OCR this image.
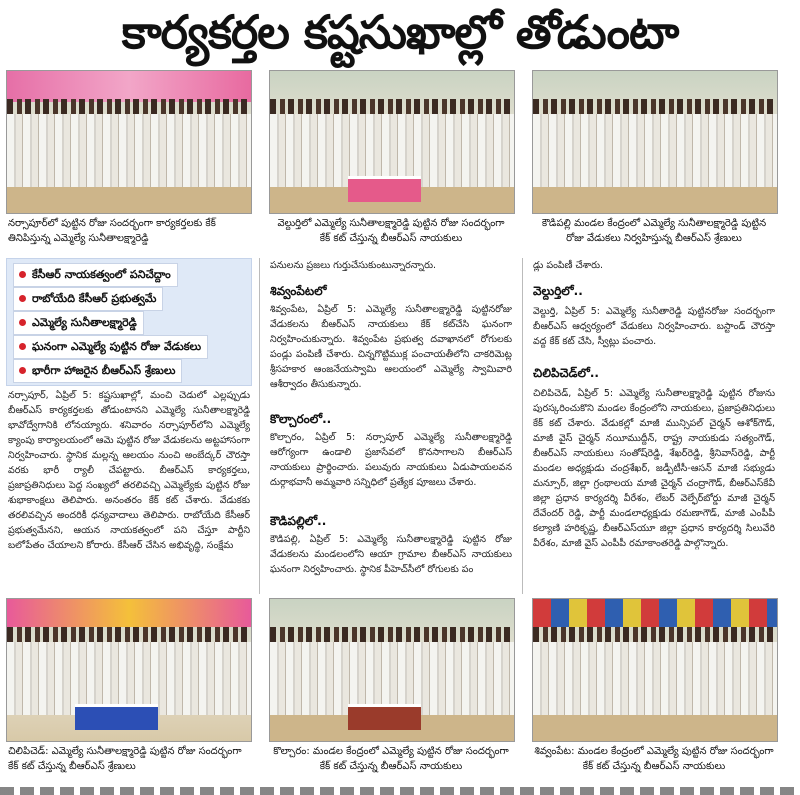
కార్యకర్తల కష్టసుఖాల్లో తోడుంటా
నర్సాపూర్‌లో పుట్టిన రోజు సందర్భంగా కార్యకర్తలకు కేక్ తినిపిస్తున్న ఎమ్మెల్యే సునీతాలక్ష్మారెడ్డి
వెల్దుర్తిలో ఎమ్మెల్యే సునీతాలక్ష్మారెడ్డి పుట్టిన రోజు సందర్భంగా కేక్ కట్ చేస్తున్న బీఆర్ఎస్ నాయకులు
కౌడిపల్లి మండల కేంద్రంలో ఎమ్మెల్యే సునీతాలక్ష్మారెడ్డి పుట్టిన రోజు వేడుకలు నిర్వహిస్తున్న బీఆర్ఎస్ శ్రేణులు
కేసీఆర్ నాయకత్వంలో పనిచేద్దాం
రాబోయేది కేసీఆర్ ప్రభుత్వమే
ఎమ్మెల్యే సునీతాలక్ష్మారెడ్డి
ఘనంగా ఎమ్మెల్యే పుట్టిన రోజు వేడుకలు
భారీగా హాజరైన బీఆర్ఎస్ శ్రేణులు
నర్సాపూర్, ఏప్రిల్ 5: కష్టసుఖాల్లో, మంచి చెడులో ఎల్లప్పుడు బీఆర్ఎస్ కార్యకర్తలకు తోడుంటానని ఎమ్మెల్యే సునీతాలక్ష్మారెడ్డి భావోద్వేగానికి లోనయ్యారు. శనివారం నర్సాపూర్‌లోని ఎమ్మెల్యే క్యాంపు కార్యాలయంలో ఆమె పుట్టిన రోజు వేడుకలను అట్టహాసంగా నిర్వహించారు. స్థానిక మల్లన్న ఆలయం నుంచి అంబేద్కర్ చౌరస్తా వరకు భారీ ర్యాలీ చేపట్టారు. బీఆర్ఎస్ కార్యకర్తలు, ప్రజాప్రతినిధులు పెద్ద సంఖ్యలో తరలివచ్చి ఎమ్మెల్యేకు పుట్టిన రోజు శుభాకాంక్షలు తెలిపారు. అనంతరం కేక్ కట్ చేశారు. వేడుకకు తరలివచ్చిన అందరికీ ధన్యవాదాలు తెలిపారు. రాబోయేది కేసీఆర్ ప్రభుత్వమేనని, ఆయన నాయకత్వంలో పని చేస్తూ పార్టీని బలోపేతం చేయాలని కోరారు. కేసీఆర్ చేసిన అభివృద్ధి, సంక్షేమ
పనులను ప్రజలు గుర్తుచేసుకుంటున్నారన్నారు.
శివ్వంపేటలో
శివ్వంపేట, ఏప్రిల్ 5: ఎమ్మెల్యే సునీతాలక్ష్మారెడ్డి పుట్టినరోజు వేడుకలను బీఆర్ఎస్ నాయకులు కేక్ కట్‌చేసి ఘనంగా నిర్వహించుకున్నారు. శివ్వంపేట ప్రభుత్వ దవాఖానలో రోగులకు పండ్లు పంపిణీ చేశారు. చిన్నగొట్టిముక్ల పంచాయతీలోని చాకరిమెట్ల శ్రీసహకార ఆంజనేయస్వామి ఆలయంలో ఎమ్మెల్యే స్వామివారి ఆశీర్వాదం తీసుకున్నారు.
కొల్చారంలో..
కొల్చారం, ఏప్రిల్ 5: నర్సాపూర్ ఎమ్మెల్యే సునీతాలక్ష్మారెడ్డి ఆరోగ్యంగా ఉండాలి ప్రజాసేవలో కొనసాగాలని బీఆర్ఎస్ నాయకులు ప్రార్థించారు. పలువురు నాయకులు ఏడుపాయలవన దుర్గాభవానీ అమ్మవారి సన్నిధిలో ప్రత్యేక పూజలు చేశారు.
కౌడిపల్లిలో..
కౌడిపల్లి, ఏప్రిల్ 5: ఎమ్మెల్యే సునీతాలక్ష్మారెడ్డి పుట్టిన రోజు వేడుకలను మండలంలోని ఆయా గ్రామాల బీఆర్ఎస్ నాయకులు ఘనంగా నిర్వహించారు. స్థానిక పీహెచ్‌సీలో రోగులకు పం
డ్లు పంపిణీ చేశారు.
వెల్దుర్తిలో..
వెల్దుర్తి, ఏప్రిల్ 5: ఎమ్మెల్యే సునీతారెడ్డి పుట్టినరోజు సందర్భంగా బీఆర్ఎస్ ఆధ్వర్యంలో వేడుకలు నిర్వహించారు. బస్టాండ్ చౌరస్తా వద్ద కేక్ కట్ చేసి, స్వీట్లు పంచారు.
చిలిపిచెడ్‌లో..
చిలిపిచెడ్, ఏప్రిల్ 5: ఎమ్మెల్యే సునీతాలక్ష్మారెడ్డి పుట్టిన రోజును పురస్కరించుకొని మండల కేంద్రంలోని నాయకులు, ప్రజాప్రతినిధులు కేక్ కట్ చేశారు. వేడుకల్లో మాజీ మున్సిపల్ చైర్మన్ ఆశోక్‌గౌడ్, మాజీ వైస్ చైర్మన్ నయీముద్దీన్, రాష్ట్ర నాయకుడు సత్యంగౌడ్, బీఆర్ఎస్ నాయకులు సంతోష్‌రెడ్డి, శేఖర్‌రెడ్డి, శ్రీనివాస్‌రెడ్డి, పార్టీ మండల అధ్యక్షుడు చంద్రశేఖర్, జడ్పీటీసీ-ఆసన్ మాజీ సభ్యుడు మన్సూర్, జిల్లా గ్రంథాలయ మాజీ చైర్మన్ చంద్రాగౌడ్, బీఆర్ఎస్‌కేవీ జిల్లా ప్రధాన కార్యదర్శి వీరేశం, లేబర్ వెల్ఫేర్‌బోర్డు మాజీ చైర్మన్ దేవేందర్ రెడ్డి, పార్టీ మండలాధ్యక్షుడు రమణాగౌడ్, మాజీ ఎంపీపీ కల్యాణి హరికృష్ణ, బీఆర్ఎస్‌యూ జిల్లా ప్రధాన కార్యదర్శి సిలువేరి వీరేశం, మాజీ వైస్ ఎంపీపీ రమాకాంతరెడ్డి పాల్గొన్నారు.
చిలిపిచెడ్: ఎమ్మెల్యే సునీతాలక్ష్మారెడ్డి పుట్టిన రోజు సందర్భంగా కేక్ కట్ చేస్తున్న బీఆర్ఎస్ శ్రేణులు
కొల్చారం: మండల కేంద్రంలో ఎమ్మెల్యే పుట్టిన రోజు సందర్భంగా కేక్ కట్ చేస్తున్న బీఆర్ఎస్ నాయకులు
శివ్వంపేట: మండల కేంద్రంలో ఎమ్మెల్యే పుట్టిన రోజు సందర్భంగా కేక్ కట్ చేస్తున్న బీఆర్ఎస్ నాయకులు
